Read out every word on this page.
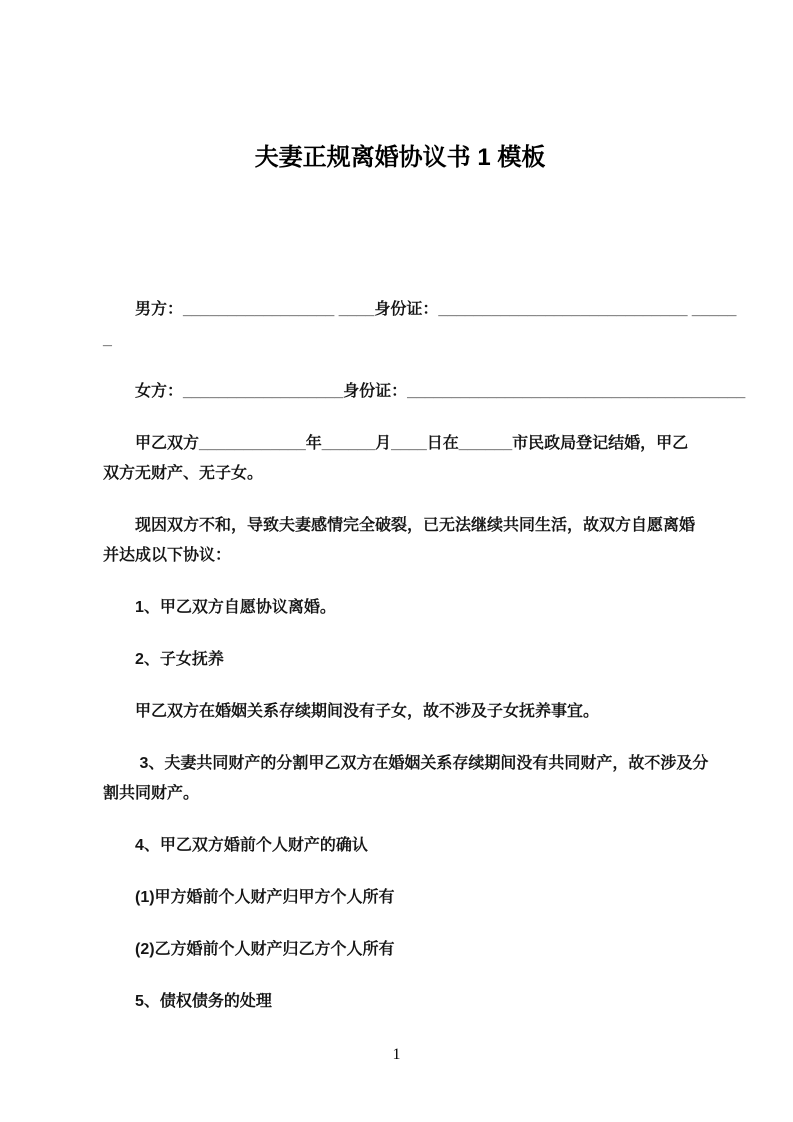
夫妻正规离婚协议书 1 模板
男方：_________________ ____身份证：____________________________ _____
_
女方：__________________身份证：______________________________________
甲乙双方____________年______月____日在______市民政局登记结婚，甲乙
双方无财产、无子女。
现因双方不和，导致夫妻感情完全破裂，已无法继续共同生活，故双方自愿离婚
并达成以下协议：
1、甲乙双方自愿协议离婚。
2、子女抚养
甲乙双方在婚姻关系存续期间没有子女，故不涉及子女抚养事宜。
3、夫妻共同财产的分割甲乙双方在婚姻关系存续期间没有共同财产，故不涉及分
割共同财产。
4、甲乙双方婚前个人财产的确认
(1)甲方婚前个人财产归甲方个人所有
(2)乙方婚前个人财产归乙方个人所有
5、债权债务的处理
1
